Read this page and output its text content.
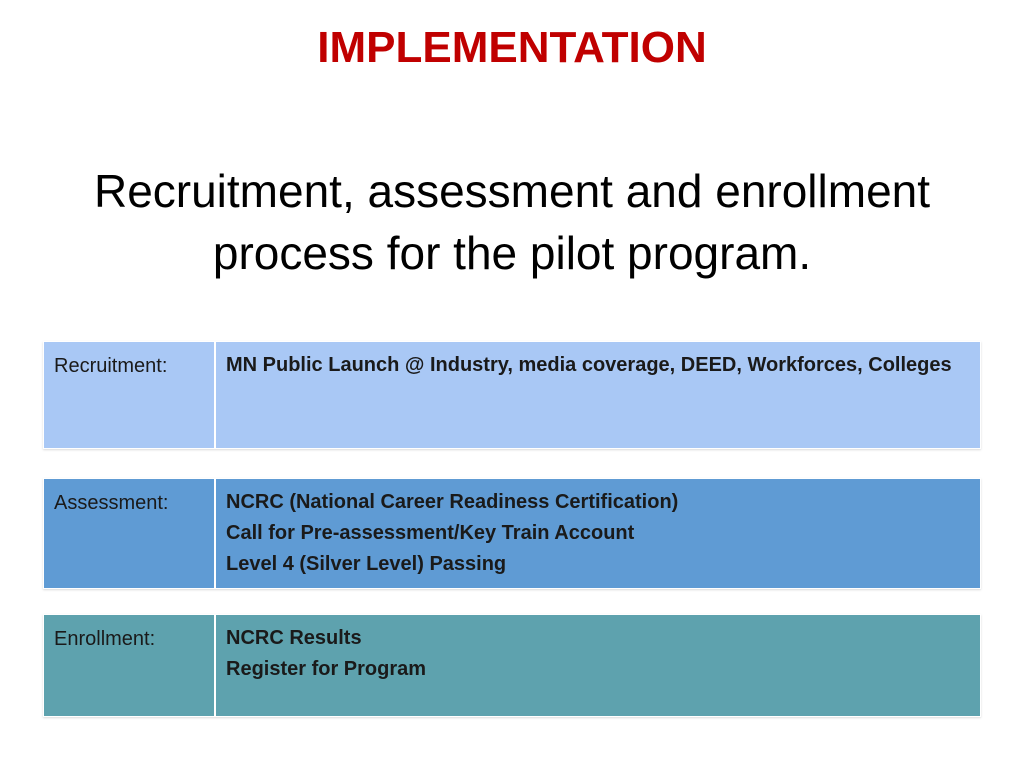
IMPLEMENTATION
Recruitment, assessment and enrollment
process for the pilot program.
Recruitment:	MN Public Launch @ Industry, media coverage, DEED, Workforces, Colleges
Assessment:	NCRC (National Career Readiness Certification)
Call for Pre-assessment/Key Train Account
Level 4 (Silver Level) Passing
Enrollment:	NCRC Results
Register for Program
